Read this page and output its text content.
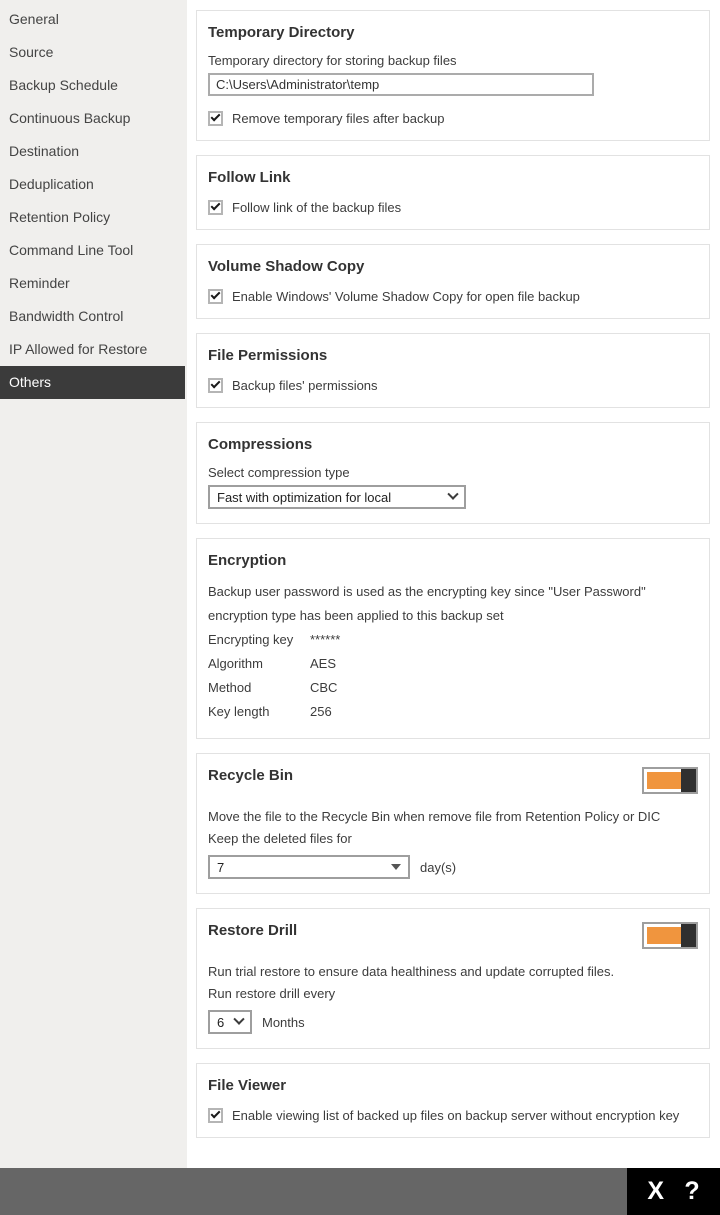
General
Source
Backup Schedule
Continuous Backup
Destination
Deduplication
Retention Policy
Command Line Tool
Reminder
Bandwidth Control
IP Allowed for Restore
Others
Temporary Directory
Temporary directory for storing backup files
C:\Users\Administrator\temp
Remove temporary files after backup
Follow Link
Follow link of the backup files
Volume Shadow Copy
Enable Windows' Volume Shadow Copy for open file backup
File Permissions
Backup files' permissions
Compressions
Select compression type
Fast with optimization for local
Encryption
Backup user password is used as the encrypting key since "User Password" encryption type has been applied to this backup set
Encrypting key	******
Algorithm	AES
Method	CBC
Key length	256
Recycle Bin
Move the file to the Recycle Bin when remove file from Retention Policy or DIC
Keep the deleted files for
7	day(s)
Restore Drill
Run trial restore to ensure data healthiness and update corrupted files.
Run restore drill every
6	Months
File Viewer
Enable viewing list of backed up files on backup server without encryption key
X ?
